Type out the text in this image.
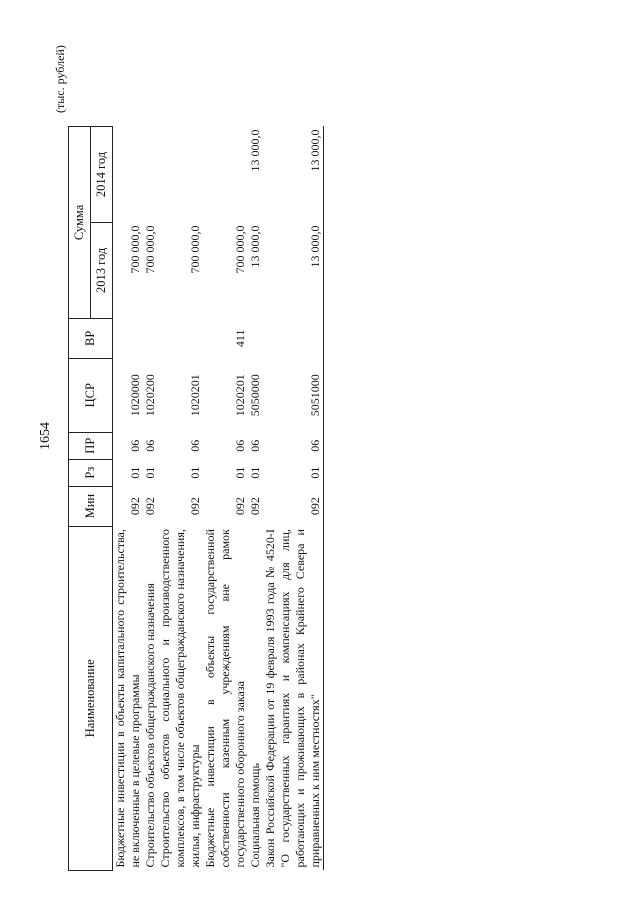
1654
(тыс. рублей)
Наименование	Мин	Рз	ПР	ЦСР	ВР	Сумма	
						2013 год	2014 год
Бюджетные инвестиции в объекты капитального строительства, не включенные в целевые программы	092	01	06	1020000		700 000,0	
Строительство объектов общегражданского назначения	092	01	06	1020200		700 000,0	
Строительство объектов социального и производственного комплексов, в том числе объектов общегражданского назначения, жилья, инфраструктуры	092	01	06	1020201		700 000,0	
Бюджетные инвестиции в объекты государственной собственности казенным учреждениям вне рамок государственного оборонного заказа	092	01	06	1020201	411	700 000,0	
Социальная помощь	092	01	06	5050000		13 000,0	13 000,0
Закон Российской Федерации от 19 февраля 1993 года № 4520-I "О государственных гарантиях и компенсациях для лиц, работающих и проживающих в районах Крайнего Севера и приравненных к ним местностях"	092	01	06	5051000		13 000,0	13 000,0
